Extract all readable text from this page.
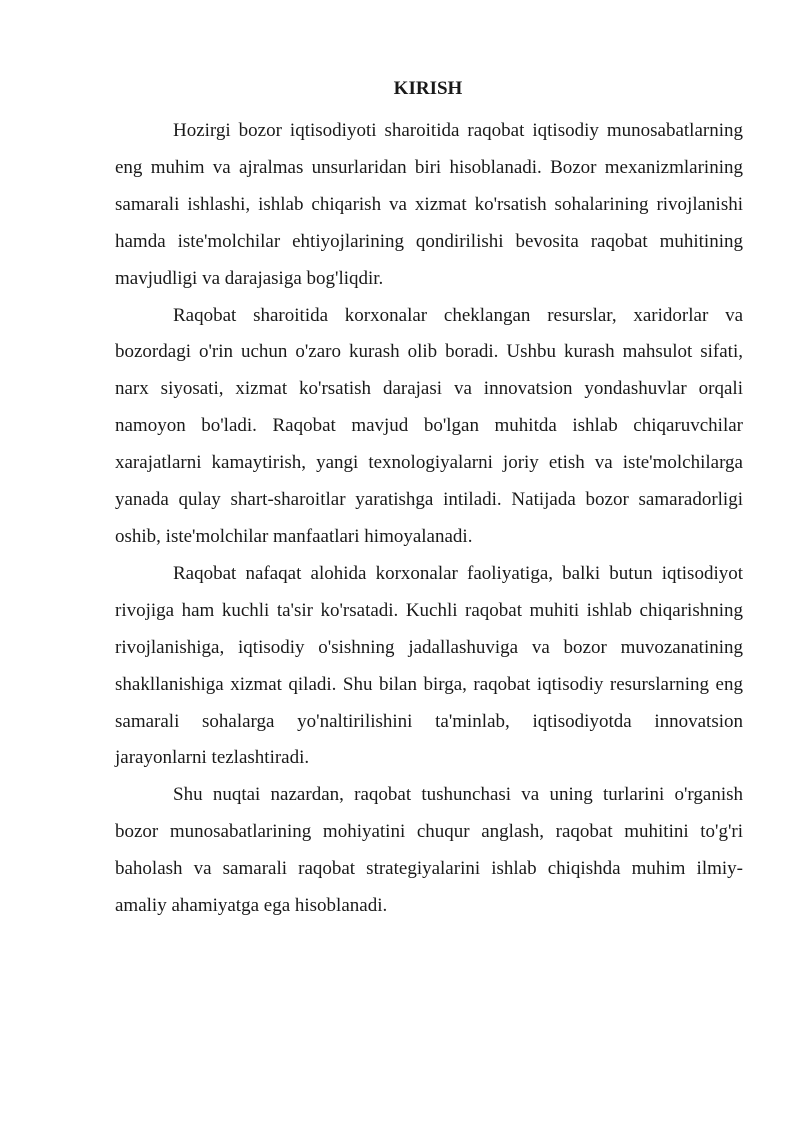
KIRISH

Hozirgi bozor iqtisodiyoti sharoitida raqobat iqtisodiy munosabatlarning eng muhim va ajralmas unsurlaridan biri hisoblanadi. Bozor mexanizmlarining samarali ishlashi, ishlab chiqarish va xizmat ko'rsatish sohalarining rivojlanishi hamda iste'molchilar ehtiyojlarining qondirilishi bevosita raqobat muhitining mavjudligi va darajasiga bog'liqdir.

Raqobat sharoitida korxonalar cheklangan resurslar, xaridorlar va bozordagi o'rin uchun o'zaro kurash olib boradi. Ushbu kurash mahsulot sifati, narx siyosati, xizmat ko'rsatish darajasi va innovatsion yondashuvlar orqali namoyon bo'ladi. Raqobat mavjud bo'lgan muhitda ishlab chiqaruvchilar xarajatlarni kamaytirish, yangi texnologiyalarni joriy etish va iste'molchilarga yanada qulay shart-sharoitlar yaratishga intiladi. Natijada bozor samaradorligi oshib, iste'molchilar manfaatlari himoyalanadi.

Raqobat nafaqat alohida korxonalar faoliyatiga, balki butun iqtisodiyot rivojiga ham kuchli ta'sir ko'rsatadi. Kuchli raqobat muhiti ishlab chiqarishning rivojlanishiga, iqtisodiy o'sishning jadallashuviga va bozor muvozanatining shakllanishiga xizmat qiladi. Shu bilan birga, raqobat iqtisodiy resurslarning eng samarali sohalarga yo'naltirilishini ta'minlab, iqtisodiyotda innovatsion jarayonlarni tezlashtiradi.

Shu nuqtai nazardan, raqobat tushunchasi va uning turlarini o'rganish bozor munosabatlarining mohiyatini chuqur anglash, raqobat muhitini to'g'ri baholash va samarali raqobat strategiyalarini ishlab chiqishda muhim ilmiy-amaliy ahamiyatga ega hisoblanadi.
